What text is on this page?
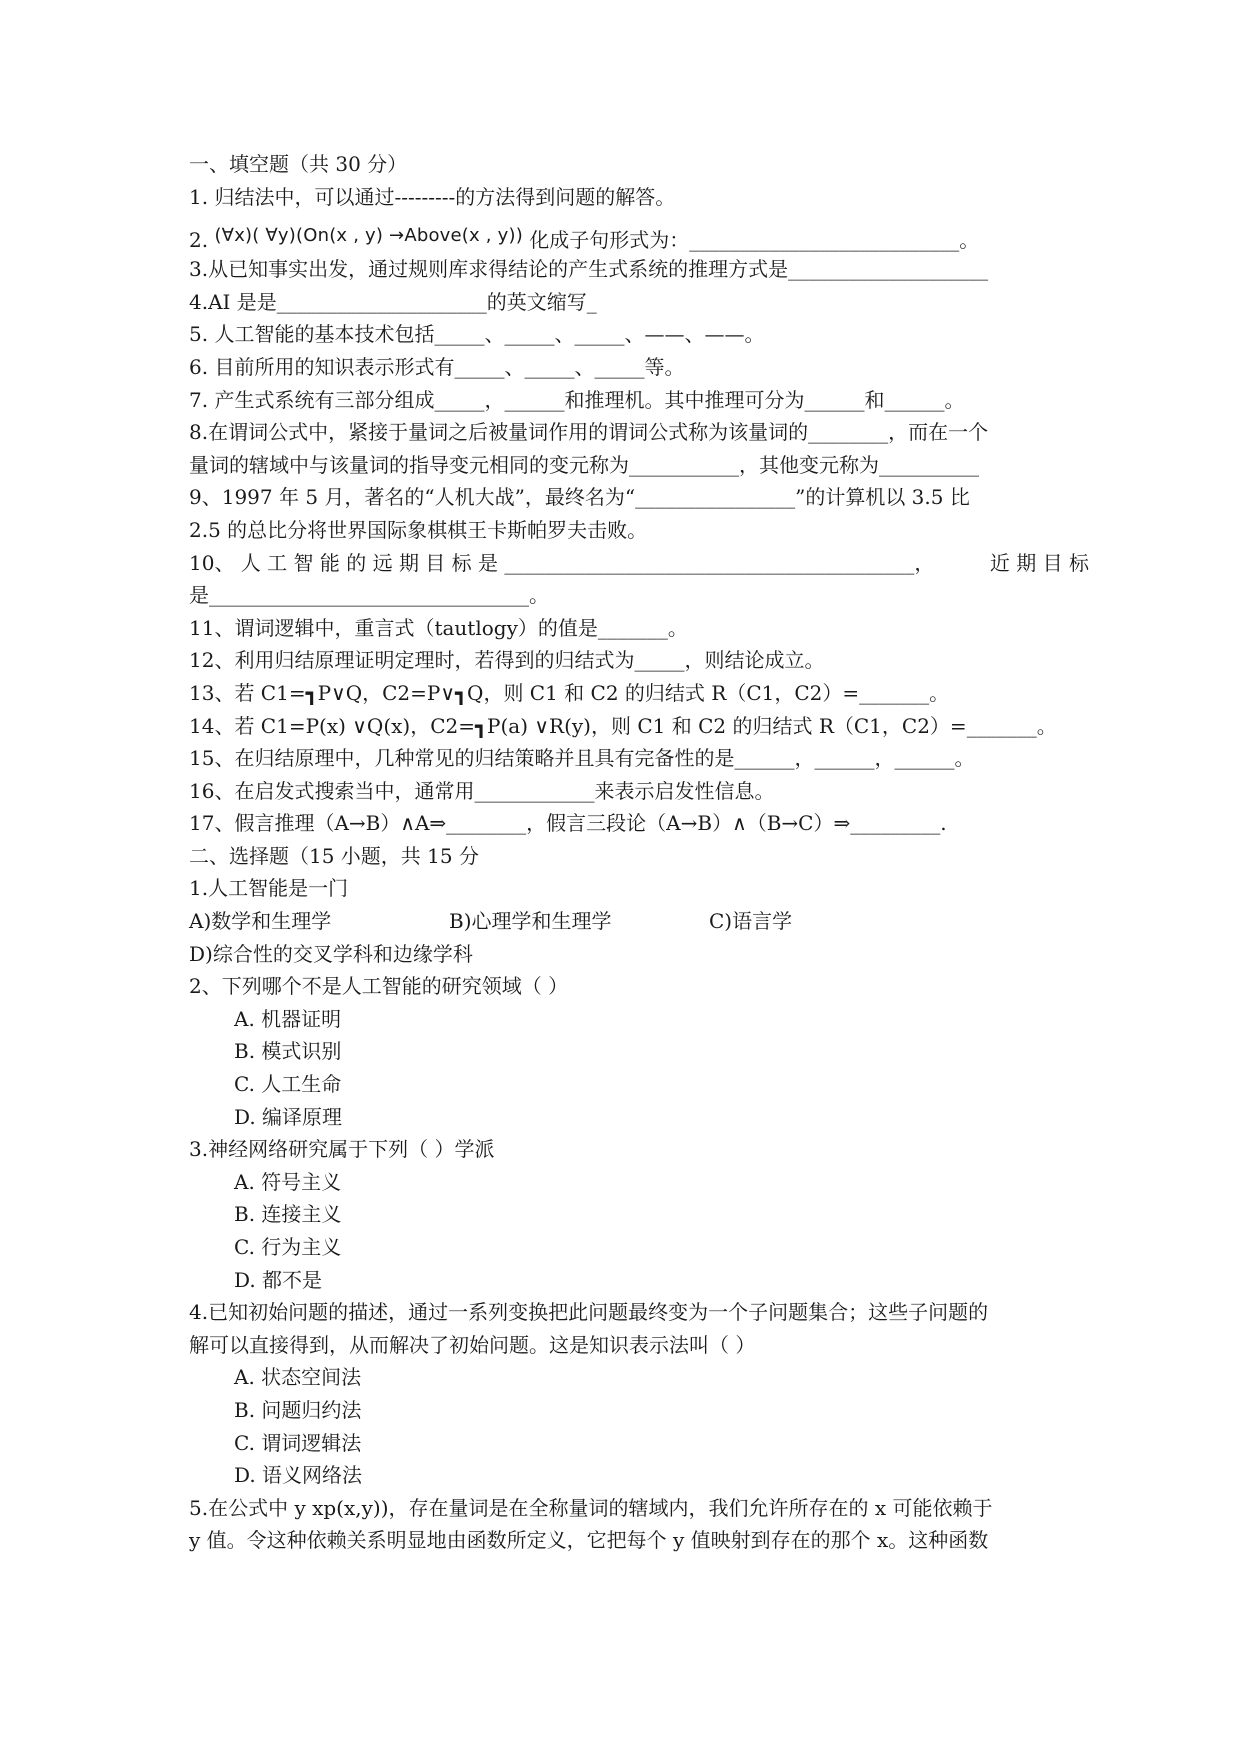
一、填空题（共 30 分）
1. 归结法中，可以通过---------的方法得到问题的解答。
2. (∀x)( ∀y)(On(x , y) →Above(x , y)) 化成子句形式为：___________________________。
3.从已知事实出发，通过规则库求得结论的产生式系统的推理方式是____________________
4.AI 是是_____________________的英文缩写_
5. 人工智能的基本技术包括_____、_____、_____、——、——。
6. 目前所用的知识表示形式有_____、_____、_____等。
7. 产生式系统有三部分组成_____，______和推理机。其中推理可分为______和______。
8.在谓词公式中，紧接于量词之后被量词作用的谓词公式称为该量词的________，而在一个
量词的辖域中与该量词的指导变元相同的变元称为___________，其他变元称为__________
9、1997 年 5 月，著名的“人机大战”，最终名为“________________”的计算机以 3.5 比
2.5 的总比分将世界国际象棋棋王卡斯帕罗夫击败。
10、 人 工 智 能 的 远 期 目 标 是 _________________________________________，	近 期 目 标
是________________________________。
11、谓词逻辑中，重言式（tautlogy）的值是_______。
12、利用归结原理证明定理时，若得到的归结式为_____，则结论成立。
13、若 C1=┓P∨Q，C2=P∨┓Q，则 C1 和 C2 的归结式 R（C1，C2）=_______。
14、若 C1=P(x) ∨Q(x)，C2=┓P(a) ∨R(y)，则 C1 和 C2 的归结式 R（C1，C2）=_______。
15、在归结原理中，几种常见的归结策略并且具有完备性的是______，______，______。
16、在启发式搜索当中，通常用____________来表示启发性信息。
17、假言推理（A→B）∧A⇒________，假言三段论（A→B）∧（B→C）⇒_________.
二、选择题（15 小题，共 15 分
1.人工智能是一门
A)数学和生理学	B)心理学和生理学	C)语言学
D)综合性的交叉学科和边缘学科
2、下列哪个不是人工智能的研究领域（ ）
A. 机器证明
B. 模式识别
C. 人工生命
D. 编译原理
3.神经网络研究属于下列（ ）学派
A. 符号主义
B. 连接主义
C. 行为主义
D. 都不是
4.已知初始问题的描述，通过一系列变换把此问题最终变为一个子问题集合；这些子问题的
解可以直接得到，从而解决了初始问题。这是知识表示法叫（ ）
A. 状态空间法
B. 问题归约法
C. 谓词逻辑法
D. 语义网络法
5.在公式中 y xp(x,y))，存在量词是在全称量词的辖域内，我们允许所存在的 x 可能依赖于
y 值。令这种依赖关系明显地由函数所定义，它把每个 y 值映射到存在的那个 x。这种函数
